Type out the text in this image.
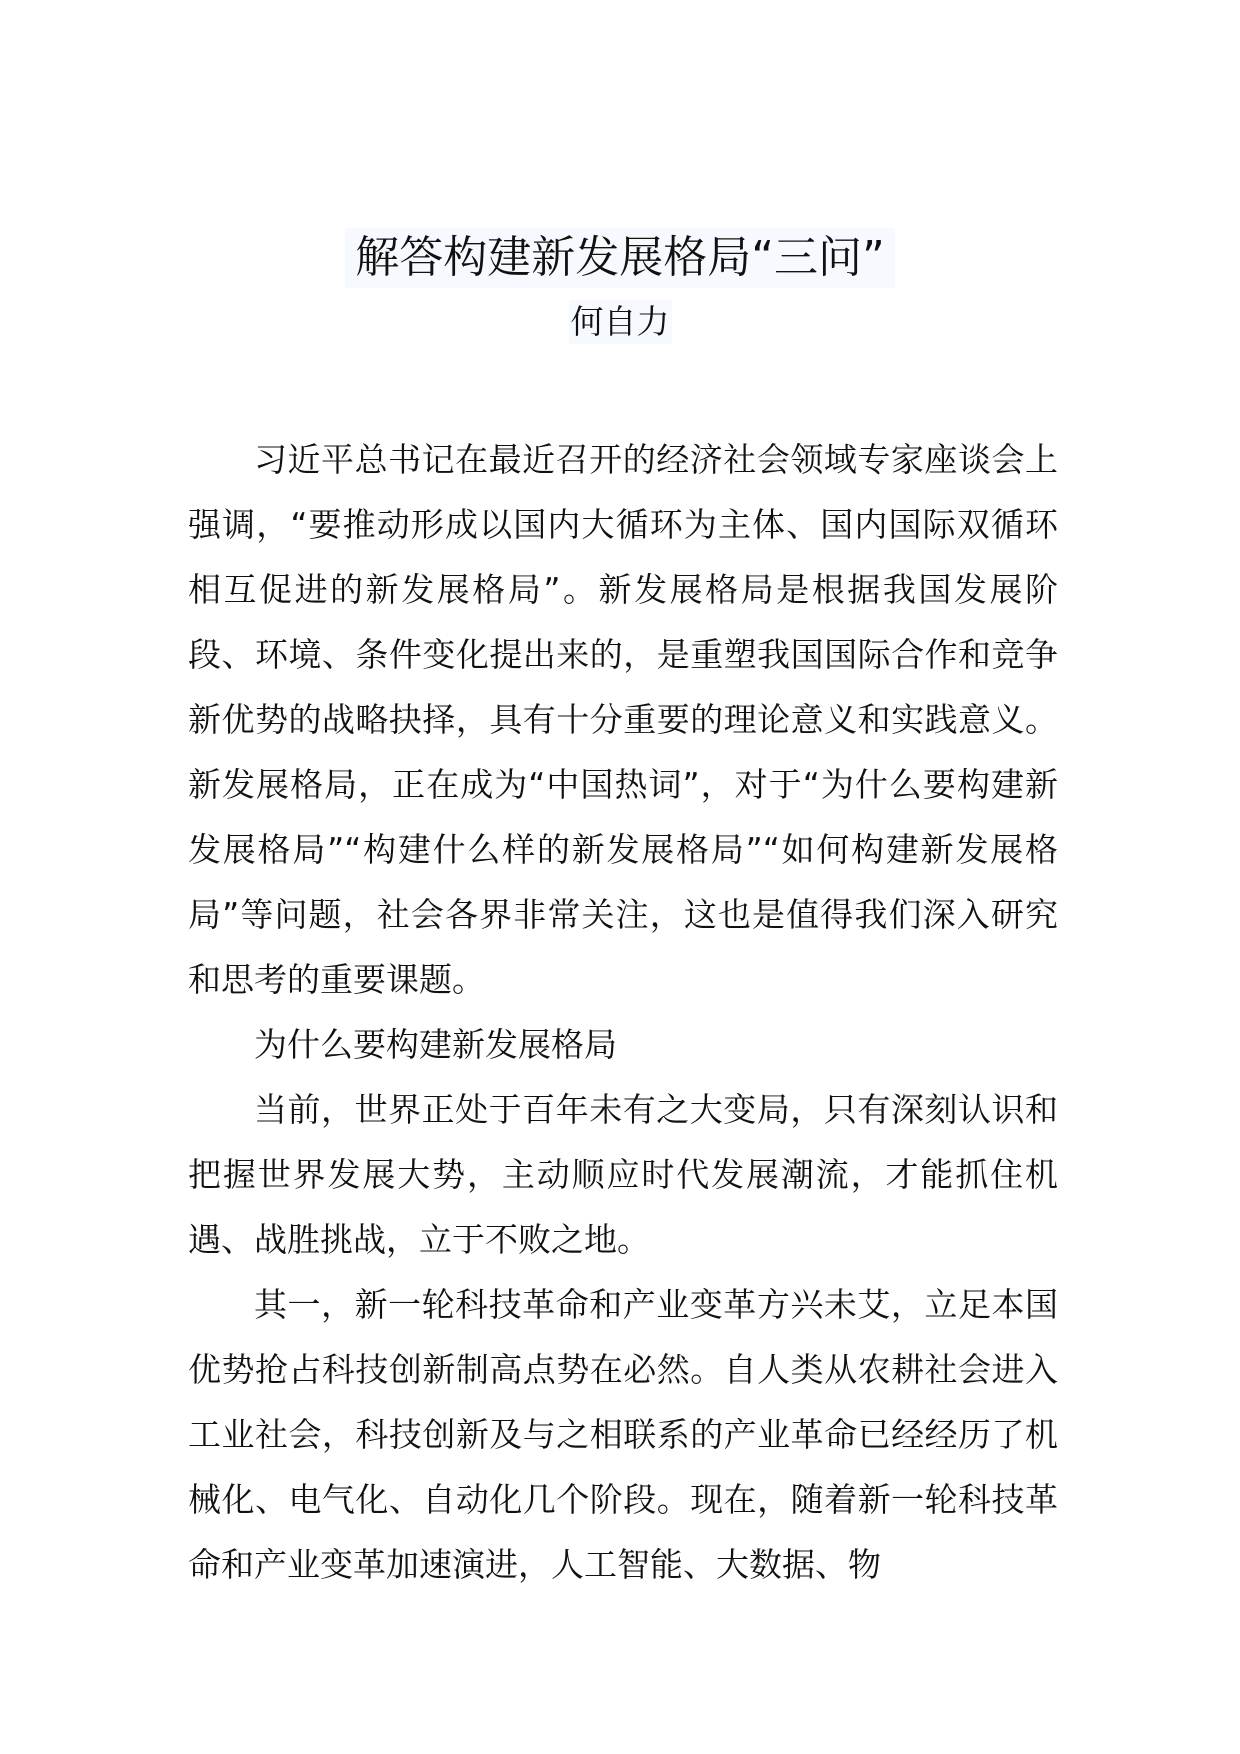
解答构建新发展格局“三问”
何自力

习近平总书记在最近召开的经济社会领域专家座谈会上强调，“要推动形成以国内大循环为主体、国内国际双循环相互促进的新发展格局”。新发展格局是根据我国发展阶段、环境、条件变化提出来的，是重塑我国国际合作和竞争新优势的战略抉择，具有十分重要的理论意义和实践意义。新发展格局，正在成为“中国热词”，对于“为什么要构建新发展格局”“构建什么样的新发展格局”“如何构建新发展格局”等问题，社会各界非常关注，这也是值得我们深入研究和思考的重要课题。

为什么要构建新发展格局

当前，世界正处于百年未有之大变局，只有深刻认识和把握世界发展大势，主动顺应时代发展潮流，才能抓住机遇、战胜挑战，立于不败之地。

其一，新一轮科技革命和产业变革方兴未艾，立足本国优势抢占科技创新制高点势在必然。自人类从农耕社会进入工业社会，科技创新及与之相联系的产业革命已经经历了机械化、电气化、自动化几个阶段。现在，随着新一轮科技革命和产业变革加速演进，人工智能、大数据、物
